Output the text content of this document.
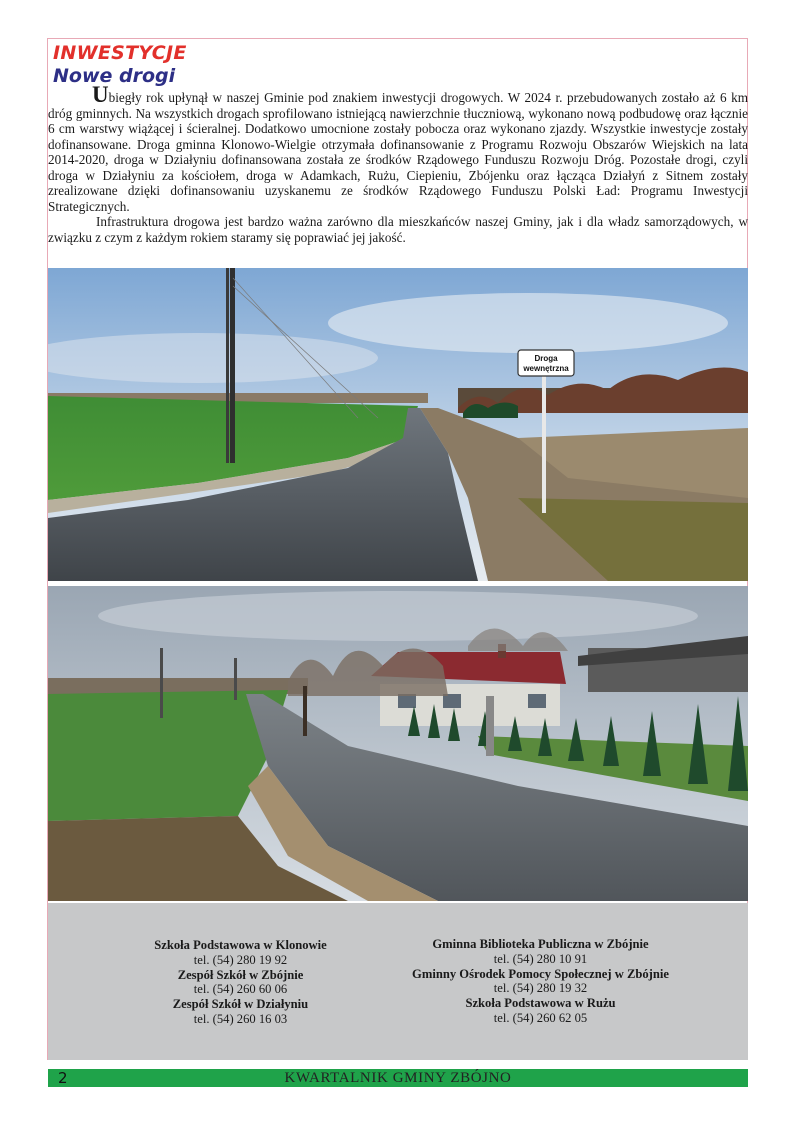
INWESTYCJE
Nowe drogi

Ubiegły rok upłynął w naszej Gminie pod znakiem inwestycji drogowych. W 2024 r. przebudowanych zostało aż 6 km dróg gminnych. Na wszystkich drogach sprofilowano istniejącą nawierzchnie tłuczniową, wykonano nową podbudowę oraz łącznie 6 cm warstwy wiążącej i ścieralnej. Dodatkowo umocnione zostały pobocza oraz wykonano zjazdy. Wszystkie inwestycje zostały dofinansowane. Droga gminna Klonowo-Wielgie otrzymała dofinansowanie z Programu Rozwoju Obszarów Wiejskich na lata 2014-2020, droga w Działyniu dofinansowana została ze środków Rządowego Funduszu Rozwoju Dróg. Pozostałe drogi, czyli droga w Działyniu za kościołem, droga w Adamkach, Rużu, Ciepieniu, Zbójenku oraz łącząca Działyń z Sitnem zostały zrealizowane dzięki dofinansowaniu uzyskanemu ze środków Rządowego Funduszu Polski Ład: Programu Inwestycji Strategicznych.

Infrastruktura drogowa jest bardzo ważna zarówno dla mieszkańców naszej Gminy, jak i dla władz samorządowych, w związku z czym z każdym rokiem staramy się poprawiać jej jakość.

Droga
wewnętrzna
Szkoła Podstawowa w Klonowie
tel. (54) 280 19 92
Zespół Szkół w Zbójnie
tel. (54) 260 60 06
Zespół Szkół w Działyniu
tel. (54) 260 16 03
Gminna Biblioteka Publiczna w Zbójnie
tel. (54) 280 10 91
Gminny Ośrodek Pomocy Społecznej w Zbójnie
tel. (54) 280 19 32
Szkoła Podstawowa w Rużu
tel. (54) 260 62 05
2	KWARTALNIK GMINY ZBÓJNO
